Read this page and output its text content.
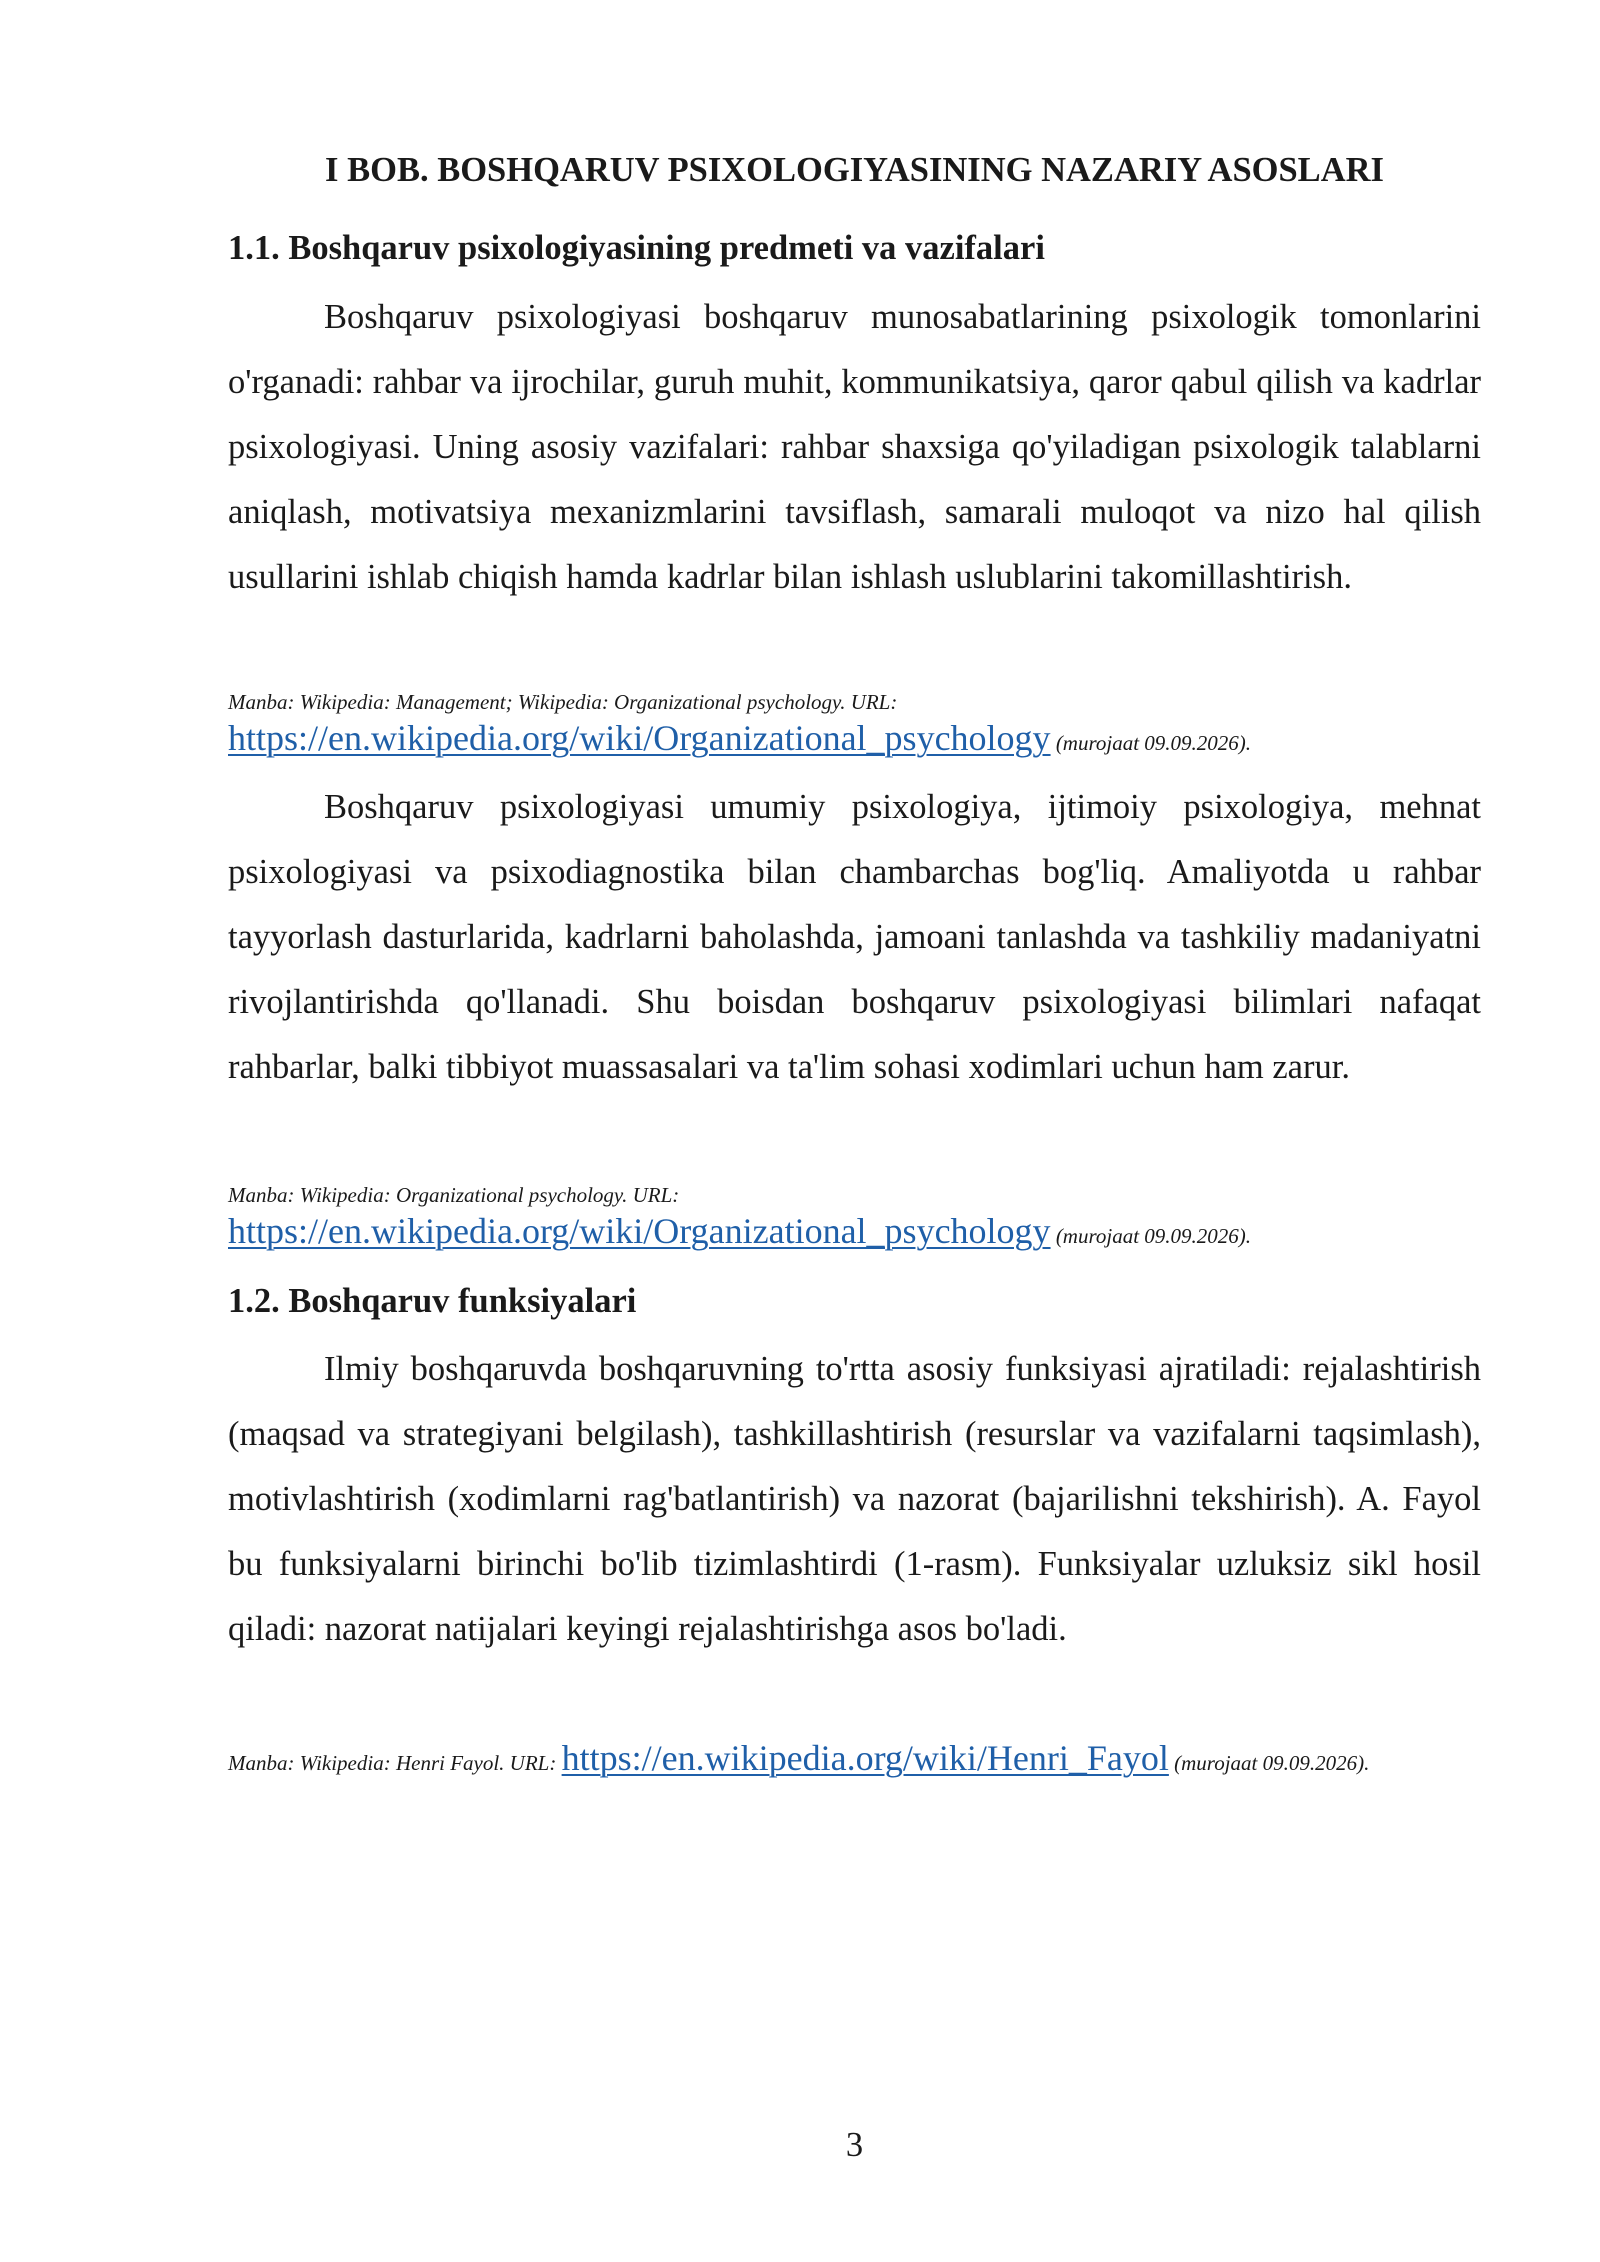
I BOB. BOSHQARUV PSIXOLOGIYASINING NAZARIY ASOSLARI
1.1. Boshqaruv psixologiyasining predmeti va vazifalari

Boshqaruv psixologiyasi boshqaruv munosabatlarining psixologik tomonlarini o'rganadi: rahbar va ijrochilar, guruh muhit, kommunikatsiya, qaror qabul qilish va kadrlar psixologiyasi. Uning asosiy vazifalari: rahbar shaxsiga qo'yiladigan psixologik talablarni aniqlash, motivatsiya mexanizmlarini tavsiflash, samarali muloqot va nizo hal qilish usullarini ishlab chiqish hamda kadrlar bilan ishlash uslublarini takomillashtirish.

Manba: Wikipedia: Management; Wikipedia: Organizational psychology. URL:
https://en.wikipedia.org/wiki/Organizational_psychology (murojaat 09.09.2026).

Boshqaruv psixologiyasi umumiy psixologiya, ijtimoiy psixologiya, mehnat psixologiyasi va psixodiagnostika bilan chambarchas bog'liq. Amaliyotda u rahbar tayyorlash dasturlarida, kadrlarni baholashda, jamoani tanlashda va tashkiliy madaniyatni rivojlantirishda qo'llanadi. Shu boisdan boshqaruv psixologiyasi bilimlari nafaqat rahbarlar, balki tibbiyot muassasalari va ta'lim sohasi xodimlari uchun ham zarur.

Manba: Wikipedia: Organizational psychology. URL:
https://en.wikipedia.org/wiki/Organizational_psychology (murojaat 09.09.2026).

1.2. Boshqaruv funksiyalari

Ilmiy boshqaruvda boshqaruvning to'rtta asosiy funksiyasi ajratiladi: rejalashtirish (maqsad va strategiyani belgilash), tashkillashtirish (resurslar va vazifalarni taqsimlash), motivlashtirish (xodimlarni rag'batlantirish) va nazorat (bajarilishni tekshirish). A. Fayol bu funksiyalarni birinchi bo'lib tizimlashtirdi (1-rasm). Funksiyalar uzluksiz sikl hosil qiladi: nazorat natijalari keyingi rejalashtirishga asos bo'ladi.

Manba: Wikipedia: Henri Fayol. URL: https://en.wikipedia.org/wiki/Henri_Fayol (murojaat 09.09.2026).

3
